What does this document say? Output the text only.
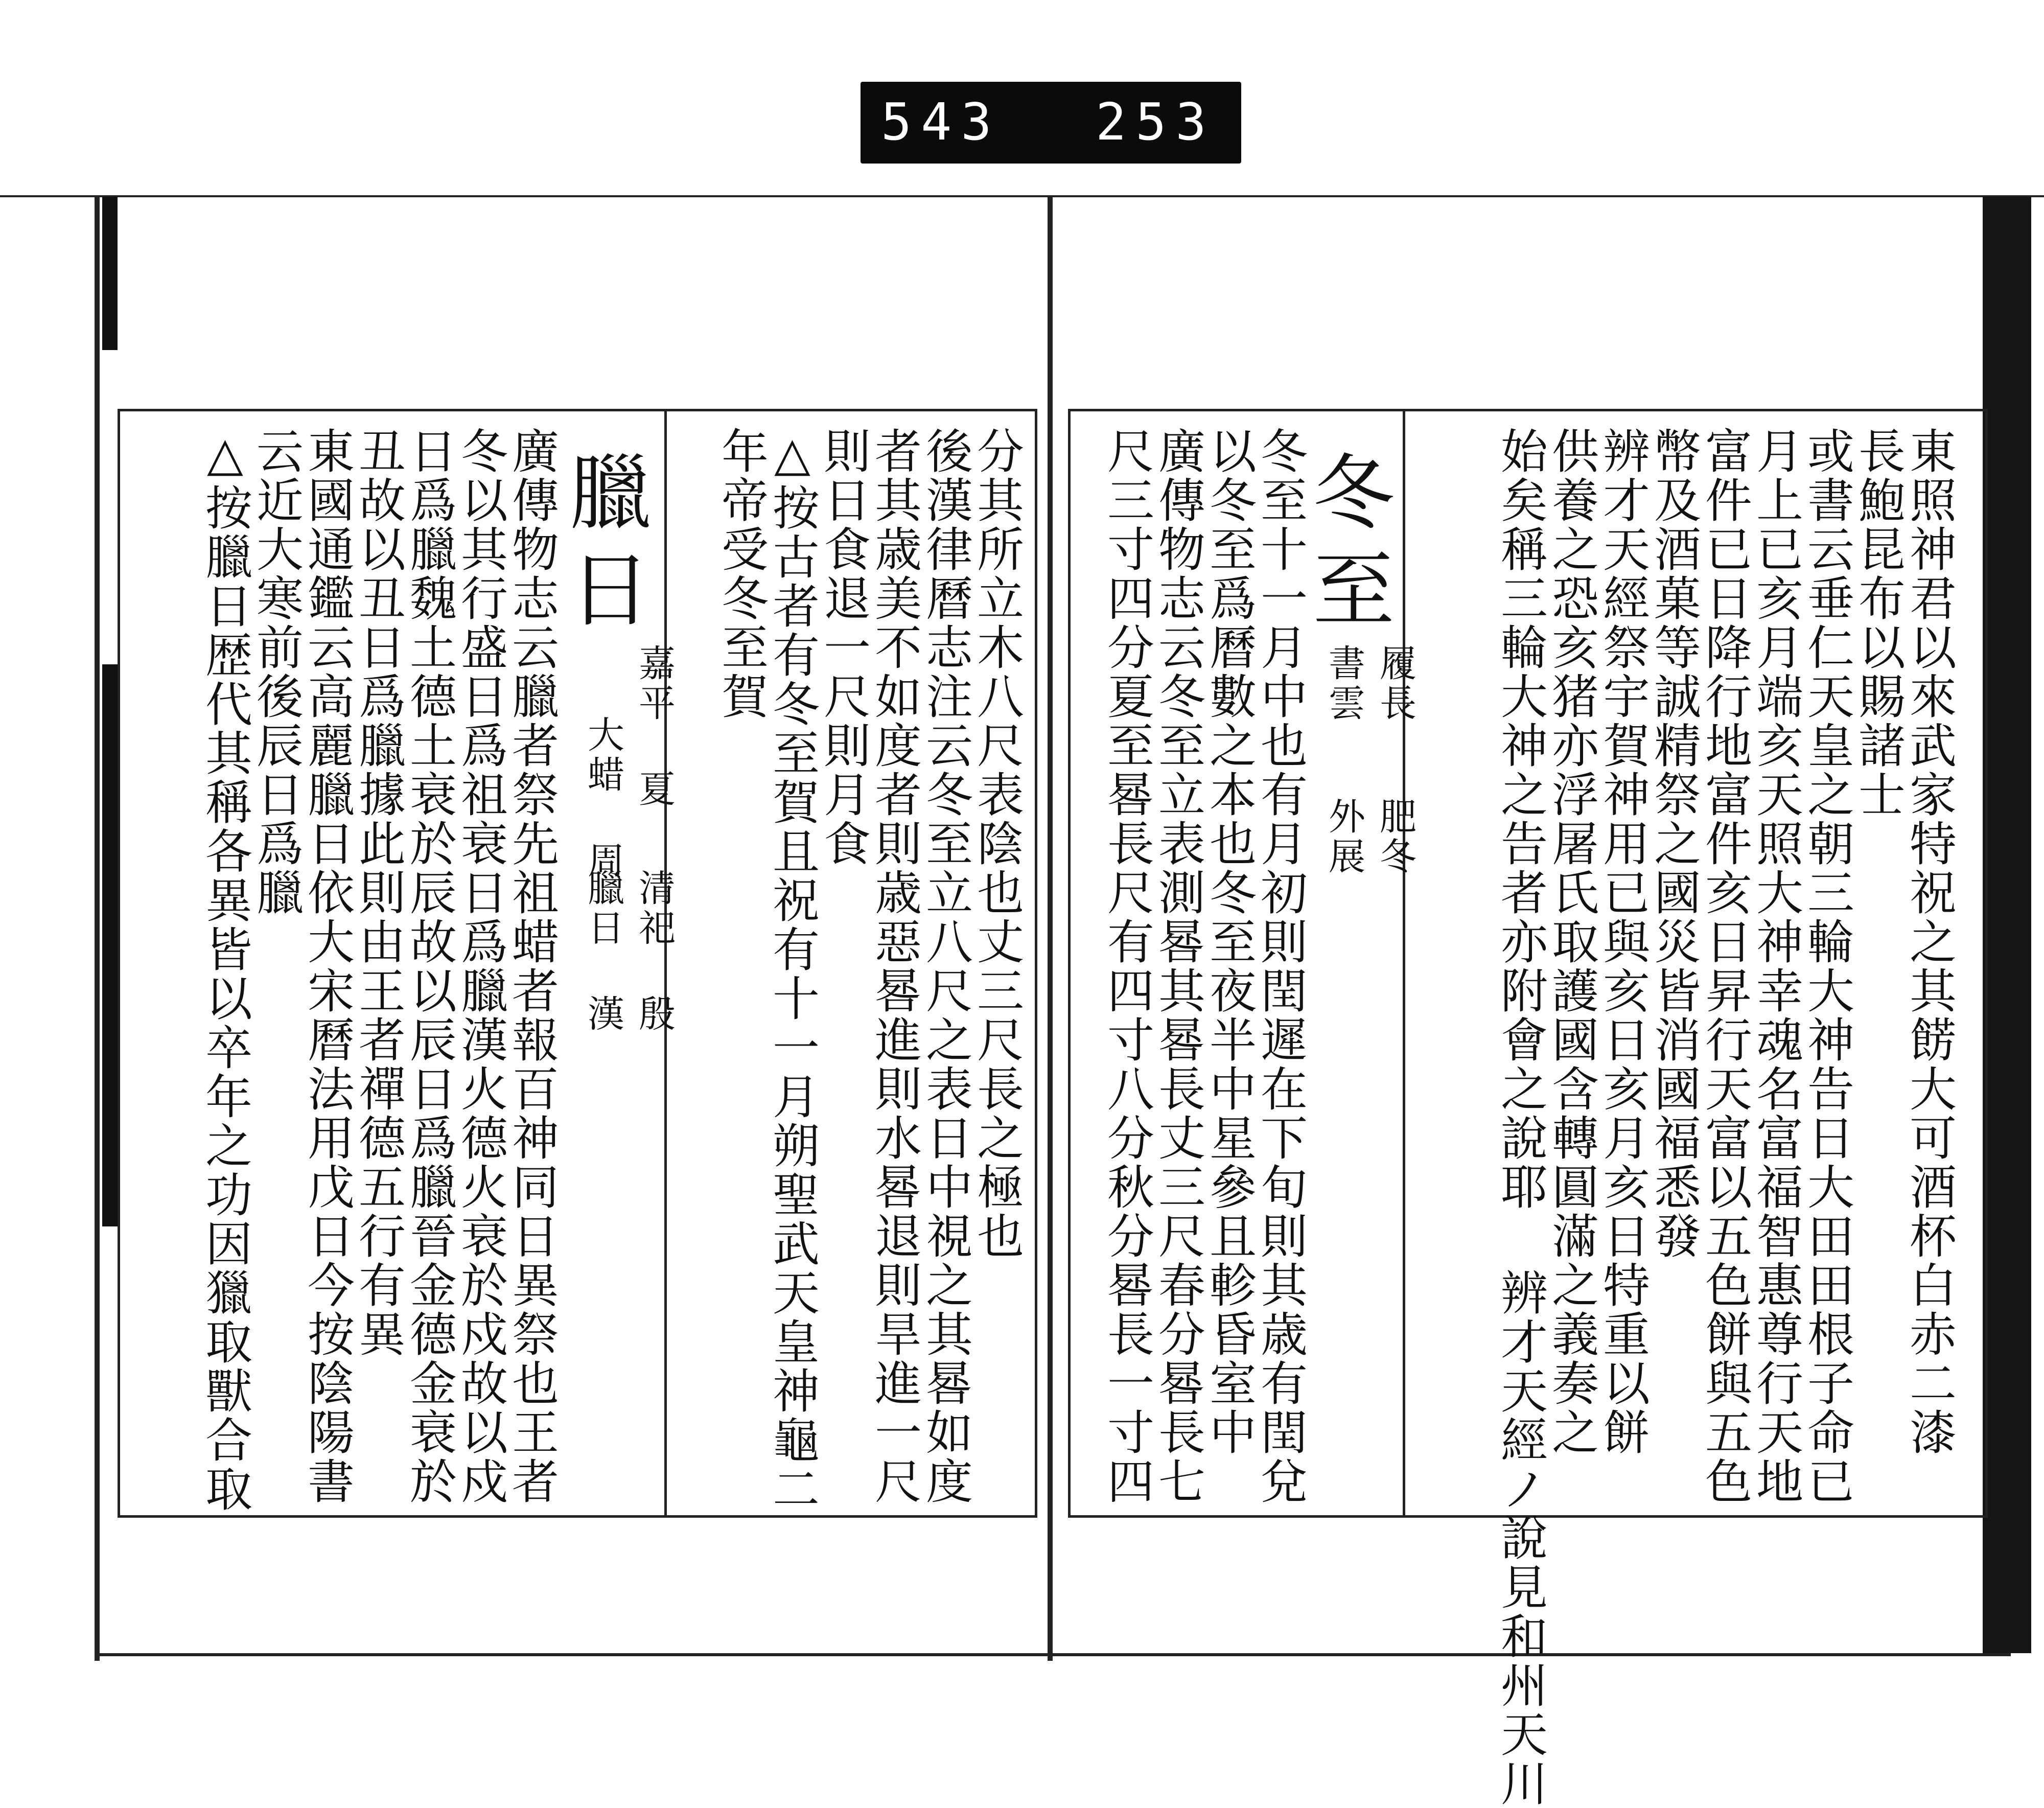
543 253
東照神君以來武家特祝之其餝大可酒杯白赤二漆
長鮑昆布以賜諸士
或書云垂仁天皇之朝三輪大神告日大田田根子命已
月上已亥月端亥天照大神幸魂名富福智惠尊行天地
富件已日降行地富件亥日昇行天富以五色餅與五色
幣及酒菓等誠精祭之國災皆消國福悉發
辨才天經祭宇賀神用已與亥日亥月亥日特重以餅
供養之恐亥猪亦浮屠氏取護國含轉圓滿之義奏之
始矣稱三輪大神之告者亦附會之說耶 辨才天經ノ說見和州天川
冬至
履長
肥冬
書雲
外展
冬至十一月中也有月初則閏遲在下旬則其歳有閏兌
以冬至爲曆數之本也冬至夜半中星參且軫昏室中
廣傳物志云冬至立表測晷其晷長丈三尺春分晷長七
尺三寸四分夏至晷長尺有四寸八分秋分晷長一寸四
分其所立木八尺表陰也丈三尺長之極也
後漢律曆志注云冬至立八尺之表日中視之其晷如度
者其歳美不如度者則歳惡晷進則水晷退則旱進一尺
則日食退一尺則月食
△按古者有冬至賀且祝有十一月朔聖武天皇神龜二
年帝受冬至賀
臘日
嘉平 夏
清祀 殷
大蜡 周
臘日 漢
廣傳物志云臘者祭先祖蜡者報百神同日異祭也王者
冬以其行盛日爲祖衰日爲臘漢火德火衰於戍故以戍
日爲臘魏土德土衰於辰故以辰日爲臘晉金德金衰於
丑故以丑日爲臘據此則由王者禪德五行有異
東國通鑑云高麗臘日依大宋曆法用戊日今按陰陽書
云近大寒前後辰日爲臘
△按臘日歴代其稱各異皆以卒年之功因獵取獸合取
